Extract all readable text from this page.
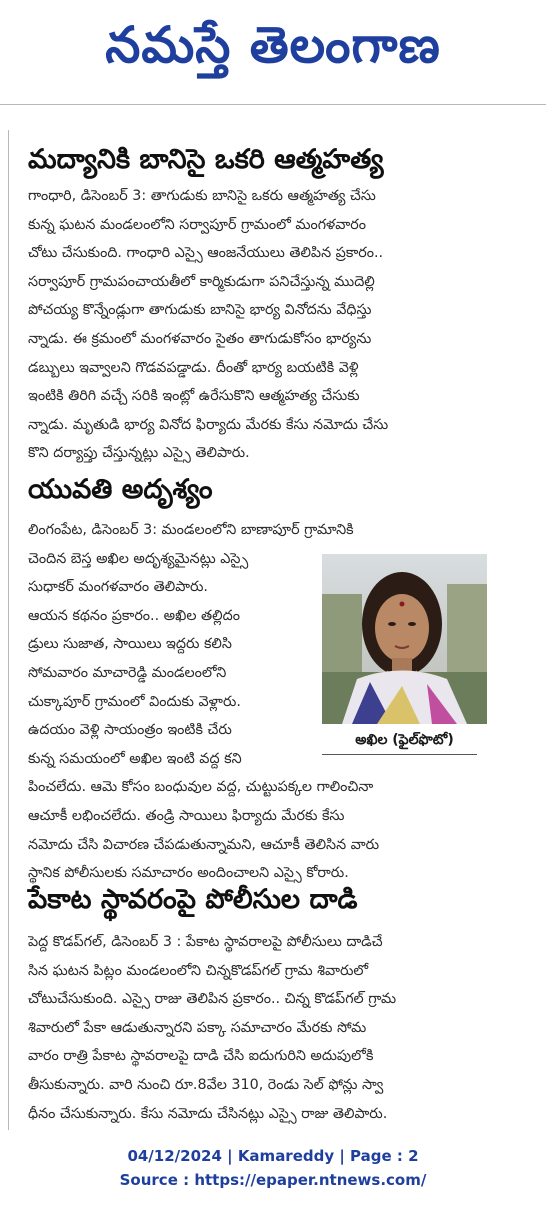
నమస్తే తెలంగాణ
మద్యానికి బానిసై ఒకరి ఆత్మహత్య

గాంధారి, డిసెంబర్ 3: తాగుడుకు బానిసై ఒకరు ఆత్మహత్య చేసు

కున్న ఘటన మండలంలోని సర్వాపూర్ గ్రామంలో మంగళవారం

చోటు చేసుకుంది. గాంధారి ఎస్సై ఆంజనేయులు తెలిపిన ప్రకారం..

సర్వాపూర్ గ్రామపంచాయతీలో కార్మికుడుగా పనిచేస్తున్న ముదెల్లి

పోచయ్య కొన్నేండ్లుగా తాగుడుకు బానిసై భార్య వినోదను వేధిస్తు

న్నాడు. ఈ క్రమంలో మంగళవారం సైతం తాగుడుకోసం భార్యను

డబ్బులు ఇవ్వాలని గొడవపడ్డాడు. దీంతో భార్య బయటికి వెళ్లి

ఇంటికి తిరిగి వచ్చే సరికి ఇంట్లో ఉరేసుకొని ఆత్మహత్య చేసుకు

న్నాడు. మృతుడి భార్య వినోద ఫిర్యాదు మేరకు కేసు నమోదు చేసు

కొని దర్యాప్తు చేస్తున్నట్లు ఎస్సై తెలిపారు.

యువతి అదృశ్యం

లింగంపేట, డిసెంబర్ 3: మండలంలోని బాణాపూర్ గ్రామానికి

చెందిన బెస్త అఖిల అదృశ్యమైనట్లు ఎస్సై

సుధాకర్ మంగళవారం తెలిపారు.

ఆయన కథనం ప్రకారం.. అఖిల తల్లిదం

డ్రులు సుజాత, సాయిలు ఇద్దరు కలిసి

సోమవారం మాచారెడ్డి మండలంలోని

చుక్కాపూర్ గ్రామంలో విందుకు వెళ్లారు.

ఉదయం వెళ్లి సాయంత్రం ఇంటికి చేరు

కున్న సమయంలో అఖిల ఇంటి వద్ద కని

పించలేదు. ఆమె కోసం బంధువుల వద్ద, చుట్టుపక్కల గాలించినా

ఆచూకీ లభించలేదు. తండ్రి సాయిలు ఫిర్యాదు మేరకు కేసు

నమోదు చేసి విచారణ చేపడుతున్నామని, ఆచూకీ తెలిసిన వారు

స్థానిక పోలీసులకు సమాచారం అందించాలని ఎస్సై కోరారు.

అఖిల (ఫైల్‌ఫొటో)
పేకాట స్థావరంపై పోలీసుల దాడి

పెద్ద కొడప్‌గల్, డిసెంబర్ 3 : పేకాట స్థావరాలపై పోలీసులు దాడిచే

సిన ఘటన పిట్లం మండలంలోని చిన్నకొడప్‌గల్ గ్రామ శివారులో

చోటుచేసుకుంది. ఎస్సై రాజు తెలిపిన ప్రకారం.. చిన్న కొడప్‌గల్ గ్రామ

శివారులో పేకా ఆడుతున్నారని పక్కా సమాచారం మేరకు సోమ

వారం రాత్రి పేకాట స్థావరాలపై దాడి చేసి ఐదుగురిని అదుపులోకి

తీసుకున్నారు. వారి నుంచి రూ.8వేల 310, రెండు సెల్ ఫోన్లు స్వా

ధీనం చేసుకున్నారు. కేసు నమోదు చేసినట్లు ఎస్సై రాజు తెలిపారు.

04/12/2024 | Kamareddy | Page : 2
Source : https://epaper.ntnews.com/
